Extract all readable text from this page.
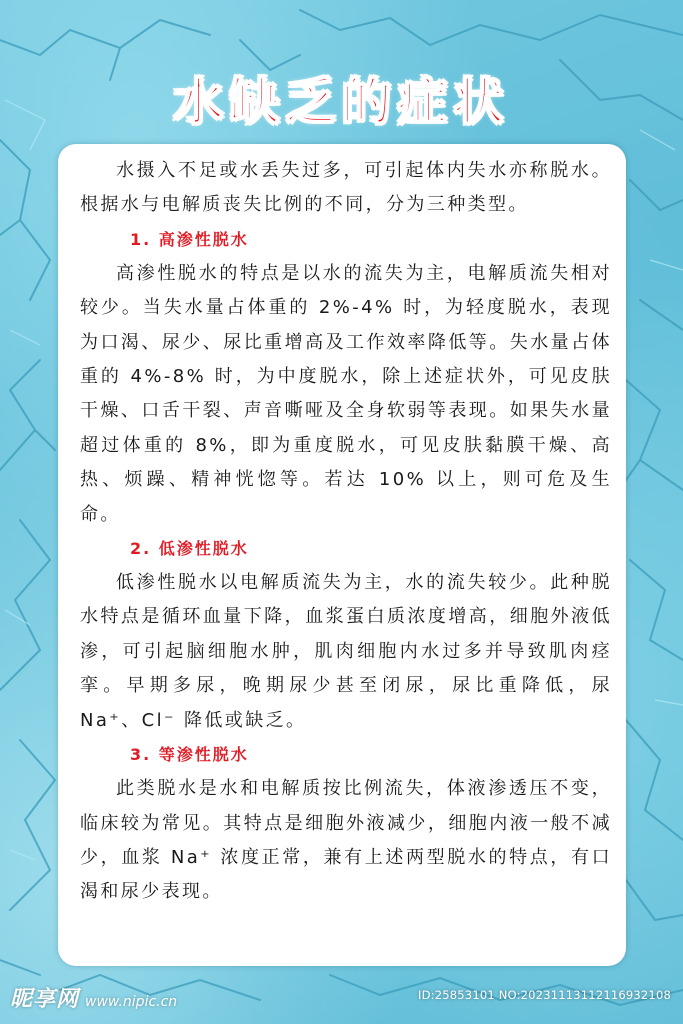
水缺乏的症状

水摄入不足或水丢失过多，可引起体内失水亦称脱水。根据水与电解质丧失比例的不同，分为三种类型。

1. 高渗性脱水

高渗性脱水的特点是以水的流失为主，电解质流失相对较少。当失水量占体重的 2%-4% 时，为轻度脱水，表现为口渴、尿少、尿比重增高及工作效率降低等。失水量占体重的 4%-8% 时，为中度脱水，除上述症状外，可见皮肤干燥、口舌干裂、声音嘶哑及全身软弱等表现。如果失水量超过体重的 8%，即为重度脱水，可见皮肤黏膜干燥、高热、烦躁、精神恍惚等。若达 10% 以上，则可危及生命。

2. 低渗性脱水

低渗性脱水以电解质流失为主，水的流失较少。此种脱水特点是循环血量下降，血浆蛋白质浓度增高，细胞外液低渗，可引起脑细胞水肿，肌肉细胞内水过多并导致肌肉痉挛。早期多尿，晚期尿少甚至闭尿，尿比重降低，尿 Na⁺、Cl⁻ 降低或缺乏。

3. 等渗性脱水

此类脱水是水和电解质按比例流失，体液渗透压不变，临床较为常见。其特点是细胞外液减少，细胞内液一般不减少，血浆 Na⁺ 浓度正常，兼有上述两型脱水的特点，有口渴和尿少表现。

昵享网 www.nipic.cn	ID:25853101 NO:20231113112116932108
